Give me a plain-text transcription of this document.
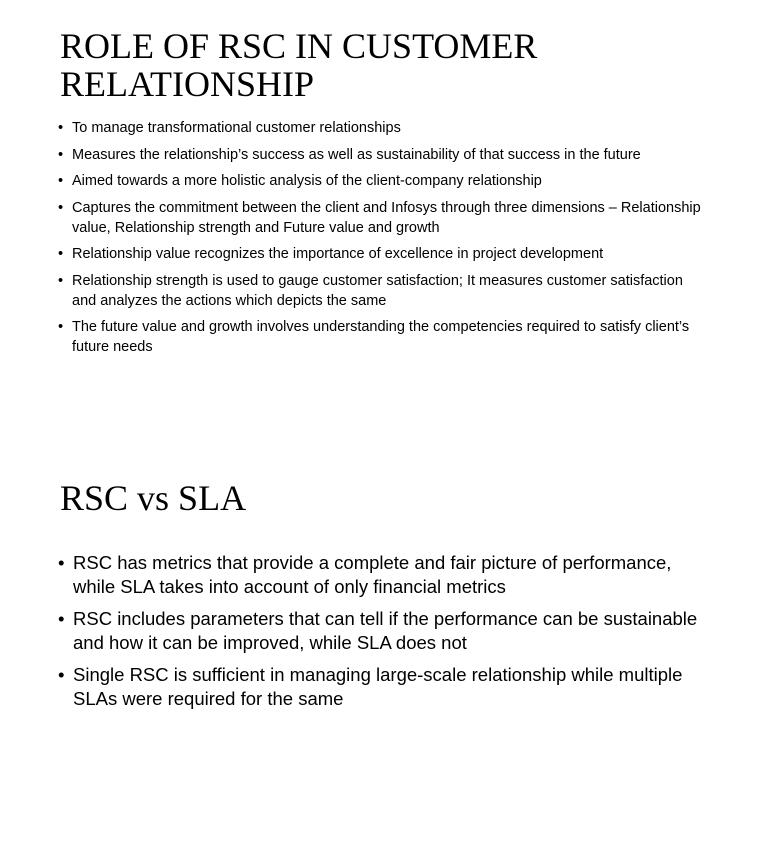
ROLE OF RSC IN CUSTOMER RELATIONSHIP
• To manage transformational customer relationships
• Measures the relationship’s success as well as sustainability of that success in the future
• Aimed towards a more holistic analysis of the client-company relationship
• Captures the commitment between the client and Infosys through three dimensions – Relationship value, Relationship strength and Future value and growth
• Relationship value recognizes the importance of excellence in project development
• Relationship strength is used to gauge customer satisfaction; It measures customer satisfaction and analyzes the actions which depicts the same
• The future value and growth involves understanding the competencies required to satisfy client’s future needs
RSC vs SLA
• RSC has metrics that provide a complete and fair picture of performance, while SLA takes into account of only financial metrics
• RSC includes parameters that can tell if the performance can be sustainable and how it can be improved, while SLA does not
• Single RSC is sufficient in managing large-scale relationship while multiple SLAs were required for the same
